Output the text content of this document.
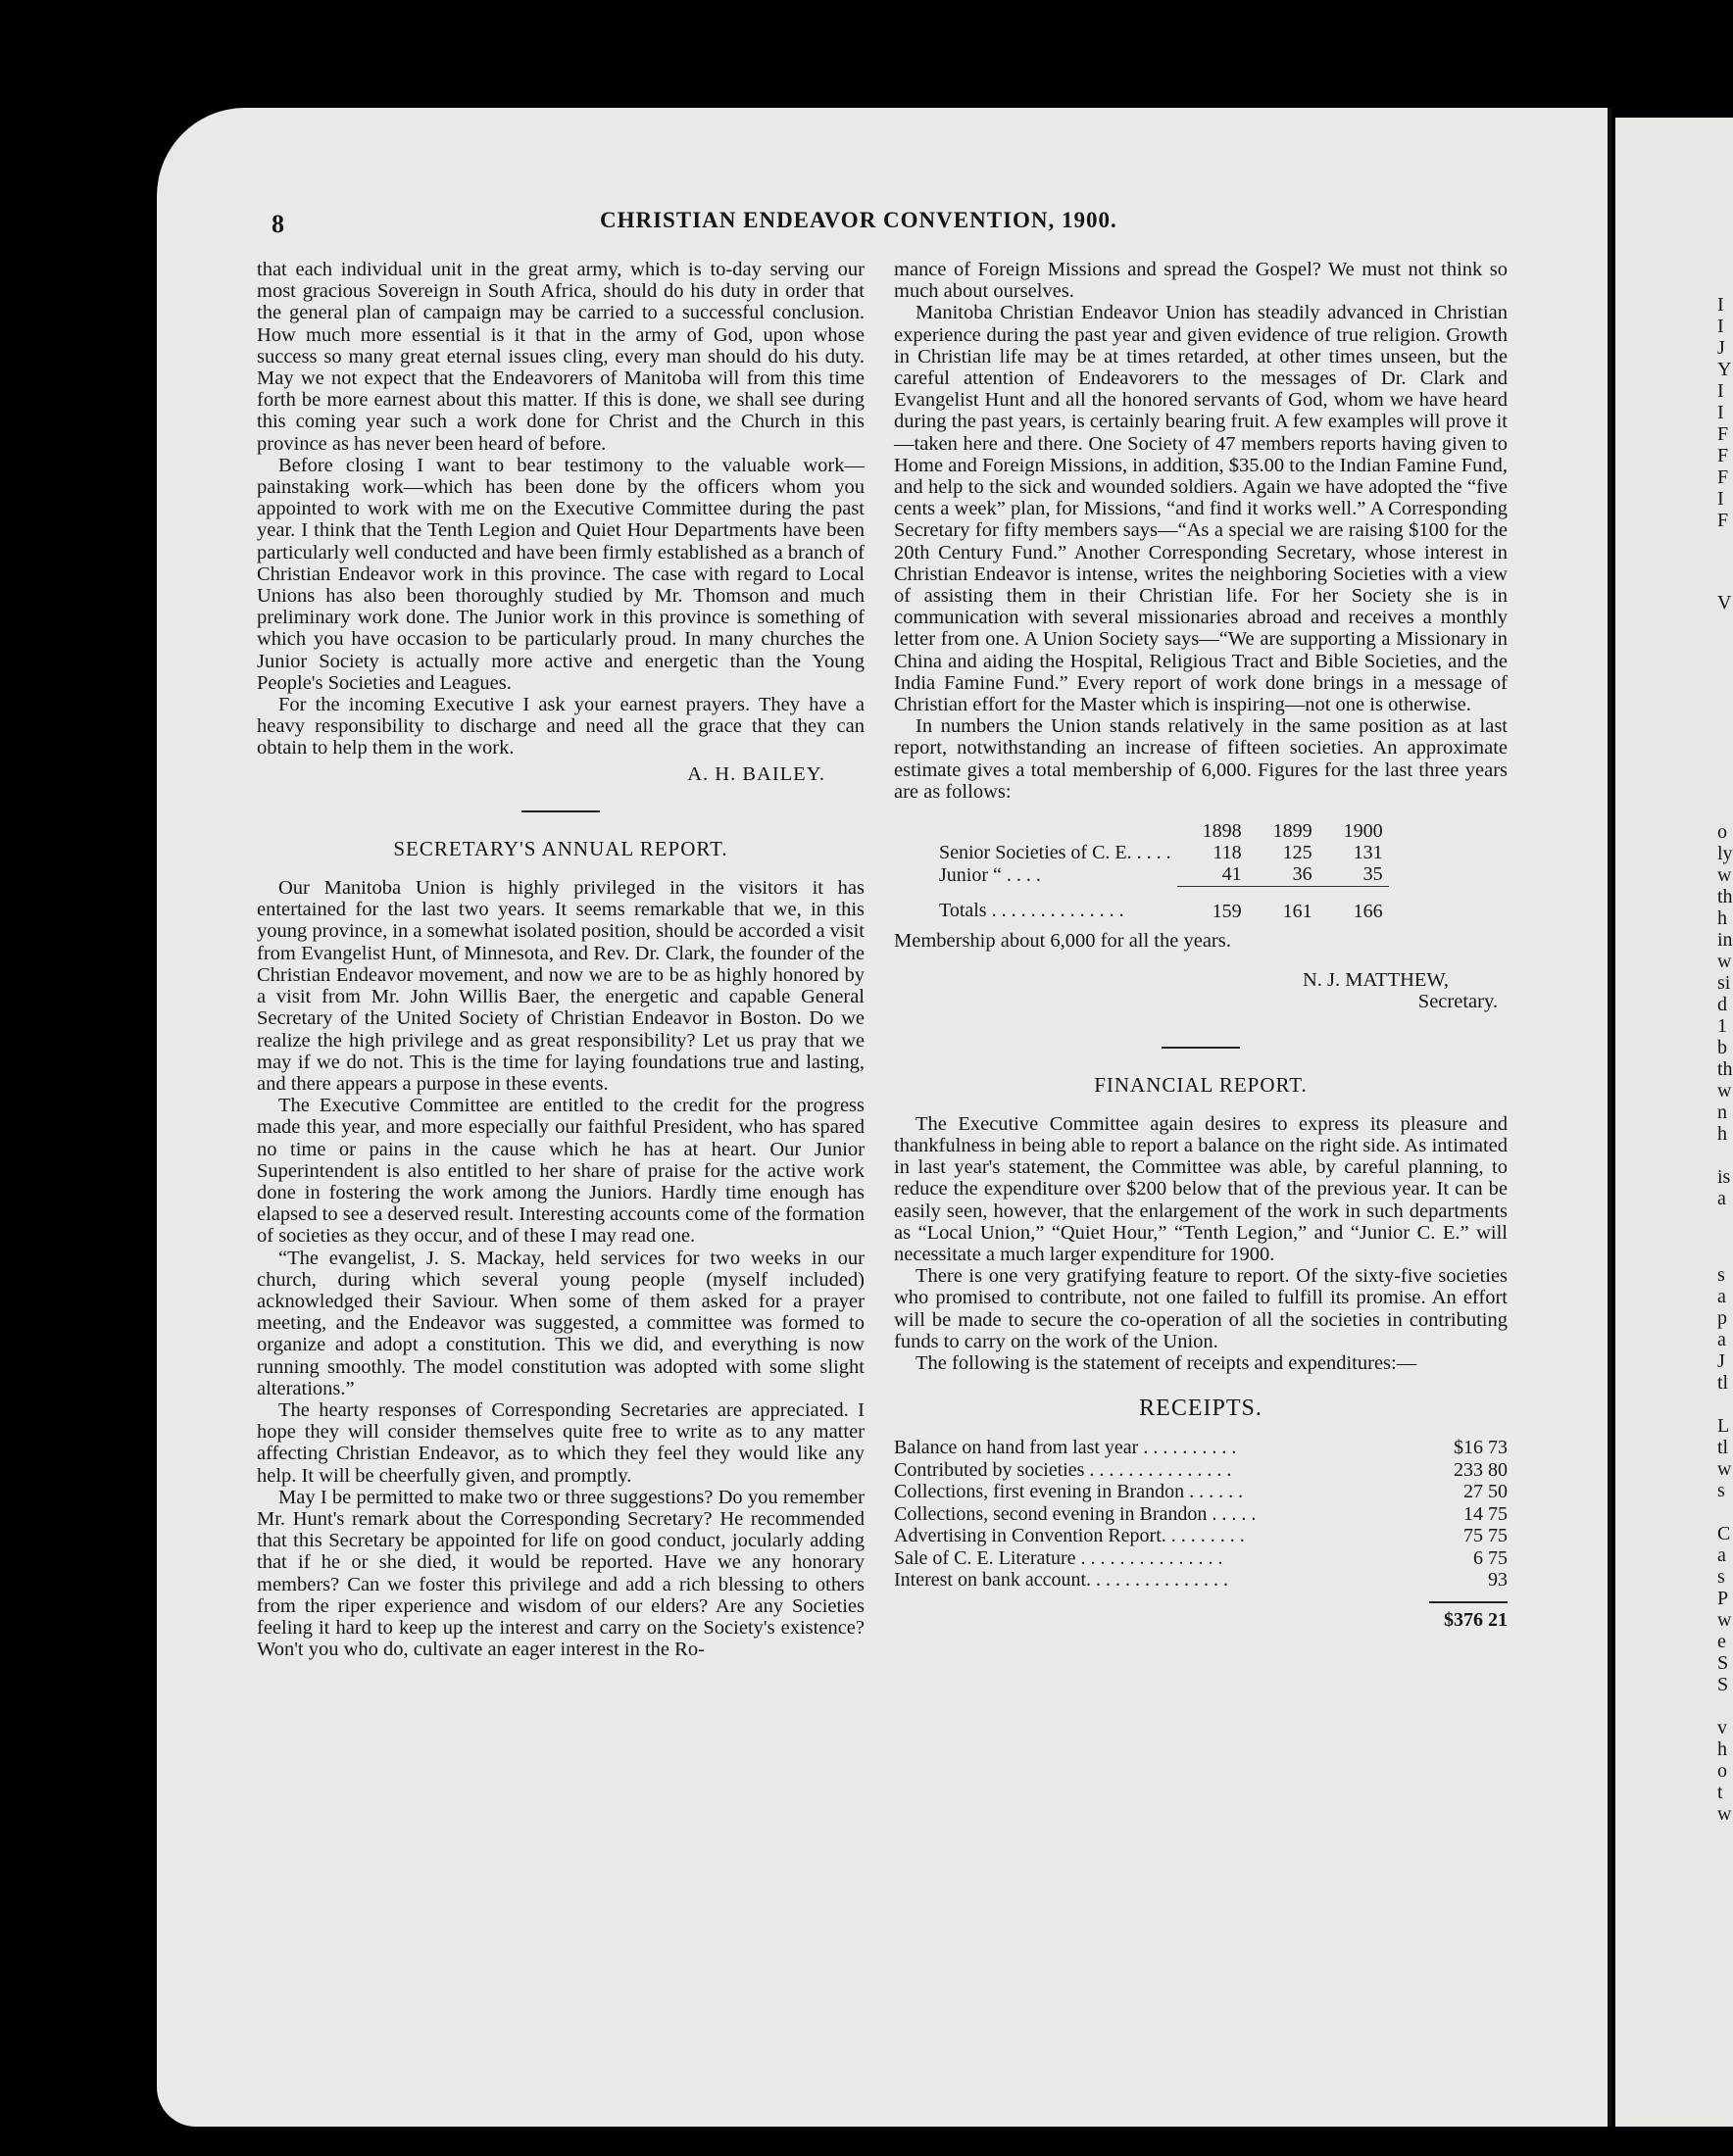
8	CHRISTIAN ENDEAVOR CONVENTION, 1900.

that each individual unit in the great army, which is to-day serving our most gracious Sovereign in South Africa, should do his duty in order that the general plan of campaign may be carried to a successful conclusion. How much more essential is it that in the army of God, upon whose success so many great eternal issues cling, every man should do his duty. May we not expect that the Endeavorers of Manitoba will from this time forth be more earnest about this matter. If this is done, we shall see during this coming year such a work done for Christ and the Church in this province as has never been heard of before.

Before closing I want to bear testimony to the valuable work—painstaking work—which has been done by the officers whom you appointed to work with me on the Executive Committee during the past year. I think that the Tenth Legion and Quiet Hour Departments have been particularly well conducted and have been firmly established as a branch of Christian Endeavor work in this province. The case with regard to Local Unions has also been thoroughly studied by Mr. Thomson and much preliminary work done. The Junior work in this province is something of which you have occasion to be particularly proud. In many churches the Junior Society is actually more active and energetic than the Young People's Societies and Leagues.

For the incoming Executive I ask your earnest prayers. They have a heavy responsibility to discharge and need all the grace that they can obtain to help them in the work.

A. H. BAILEY.
SECRETARY'S ANNUAL REPORT.

Our Manitoba Union is highly privileged in the visitors it has entertained for the last two years. It seems remarkable that we, in this young province, in a somewhat isolated position, should be accorded a visit from Evangelist Hunt, of Minnesota, and Rev. Dr. Clark, the founder of the Christian Endeavor movement, and now we are to be as highly honored by a visit from Mr. John Willis Baer, the energetic and capable General Secretary of the United Society of Christian Endeavor in Boston. Do we realize the high privilege and as great responsibility? Let us pray that we may if we do not. This is the time for laying foundations true and lasting, and there appears a purpose in these events.

The Executive Committee are entitled to the credit for the progress made this year, and more especially our faithful President, who has spared no time or pains in the cause which he has at heart. Our Junior Superintendent is also entitled to her share of praise for the active work done in fostering the work among the Juniors. Hardly time enough has elapsed to see a deserved result. Interesting accounts come of the formation of societies as they occur, and of these I may read one.

“The evangelist, J. S. Mackay, held services for two weeks in our church, during which several young people (myself included) acknowledged their Saviour. When some of them asked for a prayer meeting, and the Endeavor was suggested, a committee was formed to organize and adopt a constitution. This we did, and everything is now running smoothly. The model constitution was adopted with some slight alterations.”

The hearty responses of Corresponding Secretaries are appreciated. I hope they will consider themselves quite free to write as to any matter affecting Christian Endeavor, as to which they feel they would like any help. It will be cheerfully given, and promptly.

May I be permitted to make two or three suggestions? Do you remember Mr. Hunt's remark about the Corresponding Secretary? He recommended that this Secretary be appointed for life on good conduct, jocularly adding that if he or she died, it would be reported. Have we any honorary members? Can we foster this privilege and add a rich blessing to others from the riper experience and wisdom of our elders? Are any Societies feeling it hard to keep up the interest and carry on the Society's existence? Won't you who do, cultivate an eager interest in the Ro-

mance of Foreign Missions and spread the Gospel? We must not think so much about ourselves.

Manitoba Christian Endeavor Union has steadily advanced in Christian experience during the past year and given evidence of true religion. Growth in Christian life may be at times retarded, at other times unseen, but the careful attention of Endeavorers to the messages of Dr. Clark and Evangelist Hunt and all the honored servants of God, whom we have heard during the past years, is certainly bearing fruit. A few examples will prove it—taken here and there. One Society of 47 members reports having given to Home and Foreign Missions, in addition, $35.00 to the Indian Famine Fund, and help to the sick and wounded soldiers. Again we have adopted the “five cents a week” plan, for Missions, “and find it works well.” A Corresponding Secretary for fifty members says—“As a special we are raising $100 for the 20th Century Fund.” Another Corresponding Secretary, whose interest in Christian Endeavor is intense, writes the neighboring Societies with a view of assisting them in their Christian life. For her Society she is in communication with several missionaries abroad and receives a monthly letter from one. A Union Society says—“We are supporting a Missionary in China and aiding the Hospital, Religious Tract and Bible Societies, and the India Famine Fund.” Every report of work done brings in a message of Christian effort for the Master which is inspiring—not one is otherwise.

In numbers the Union stands relatively in the same position as at last report, notwithstanding an increase of fifteen societies. An approximate estimate gives a total membership of 6,000. Figures for the last three years are as follows:

	1898	1899	1900
Senior Societies of C. E. . . . .	118	125	131
Junior “ . . . .	41	36	35
Totals . . . . . . . . . . . . . .	159	161	166

Membership about 6,000 for all the years.

N. J. MATTHEW,
Secretary.
FINANCIAL REPORT.

The Executive Committee again desires to express its pleasure and thankfulness in being able to report a balance on the right side. As intimated in last year's statement, the Committee was able, by careful planning, to reduce the expenditure over $200 below that of the previous year. It can be easily seen, however, that the enlargement of the work in such departments as “Local Union,” “Quiet Hour,” “Tenth Legion,” and “Junior C. E.” will necessitate a much larger expenditure for 1900.

There is one very gratifying feature to report. Of the sixty-five societies who promised to contribute, not one failed to fulfill its promise. An effort will be made to secure the co-operation of all the societies in contributing funds to carry on the work of the Union.

The following is the statement of receipts and expenditures:—

RECEIPTS.
Balance on hand from last year . . . . . . . . . .	$16 73
Contributed by societies . . . . . . . . . . . . . . .	233 80
Collections, first evening in Brandon . . . . . .	27 50
Collections, second evening in Brandon . . . . .	14 75
Advertising in Convention Report. . . . . . . . .	75 75
Sale of C. E. Literature . . . . . . . . . . . . . . .	6 75
Interest on bank account. . . . . . . . . . . . . . .	93
$376 21
I
I
J
Y
I
I
F
F
F
I
F
V
o
ly
w
th
h
in
w
si
d
1
b
th
w
n
h
is
a
s
a
p
a
J
tl
L
tl
w
s
C
a
s
P
w
e
S
S
v
h
o
t
w
